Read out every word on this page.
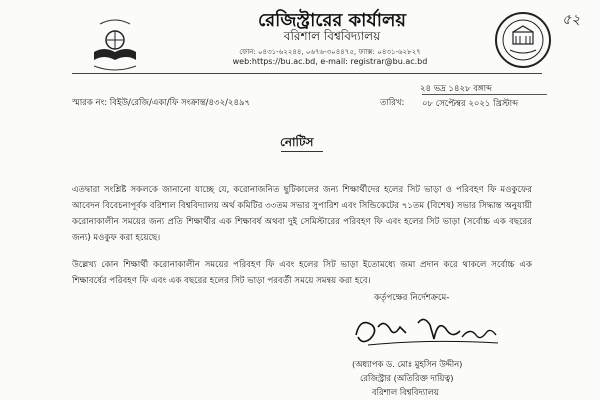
৫২
রেজিস্ট্রারের কার্যালয়
বরিশাল বিশ্ববিদ্যালয়
ফোন: ০৪৩১-৬২২৪৪, ০৬৭৬-৩০৪৪৭৫, ফ্যাক্স: ০৪৩১-৬২৮২৭
web:https://bu.ac.bd, e-mail: registrar@bu.ac.bd
২৪ ভদ্র ১৪২৮ বঙ্গাব্দ
স্মারক নং: বিইউ/রেজি/একা/ফি সংক্রান্ত/৪৩২/২৪৯৭	তারিখ: ০৮ সেপ্টেম্বর ২০২১ খ্রিস্টাব্দ
নোটিস
এতদ্বারা সংশ্লিষ্ট সকলকে জানানো যাচ্ছে যে, করোনাজনিত ছুটিকালের জন্য শিক্ষার্থীদের হলের সিট ভাড়া ও পরিবহণ ফি মওকুফের আবেদন বিবেচনাপূর্বক বরিশাল বিশ্ববিদ্যালয় অর্থ কমিটির ৩৩তম সভার সুপারিশ এবং সিন্ডিকেটের ৭১তম (বিশেষ) সভার সিদ্ধান্ত অনুযায়ী করোনাকালীন সময়ের জন্য প্রতি শিক্ষার্থীর এক শিক্ষাবর্ষ অথবা দুই সেমিস্টারের পরিবহণ ফি এবং হলের সিট ভাড়া (সর্বোচ্চ এক বছরের জন্য) মওকুফ করা হয়েছে।
উল্লেখ্য কোন শিক্ষার্থী করোনাকালীন সময়ের পরিবহণ ফি এবং হলের সিট ভাড়া ইতোমধ্যে জমা প্রদান করে থাকলে সর্বোচ্চ এক শিক্ষাবর্ষের পরিবহণ ফি এবং এক বছরের হলের সিট ভাড়া পরবর্তী সময়ে সমন্বয় করা হবে।
কর্তৃপক্ষের নির্দেশক্রমে-
(অধ্যাপক ড. মোঃ মুহসিন উদ্দীন)
রেজিস্ট্রার (অতিরিক্ত দায়িত্ব)
বরিশাল বিশ্ববিদ্যালয়
